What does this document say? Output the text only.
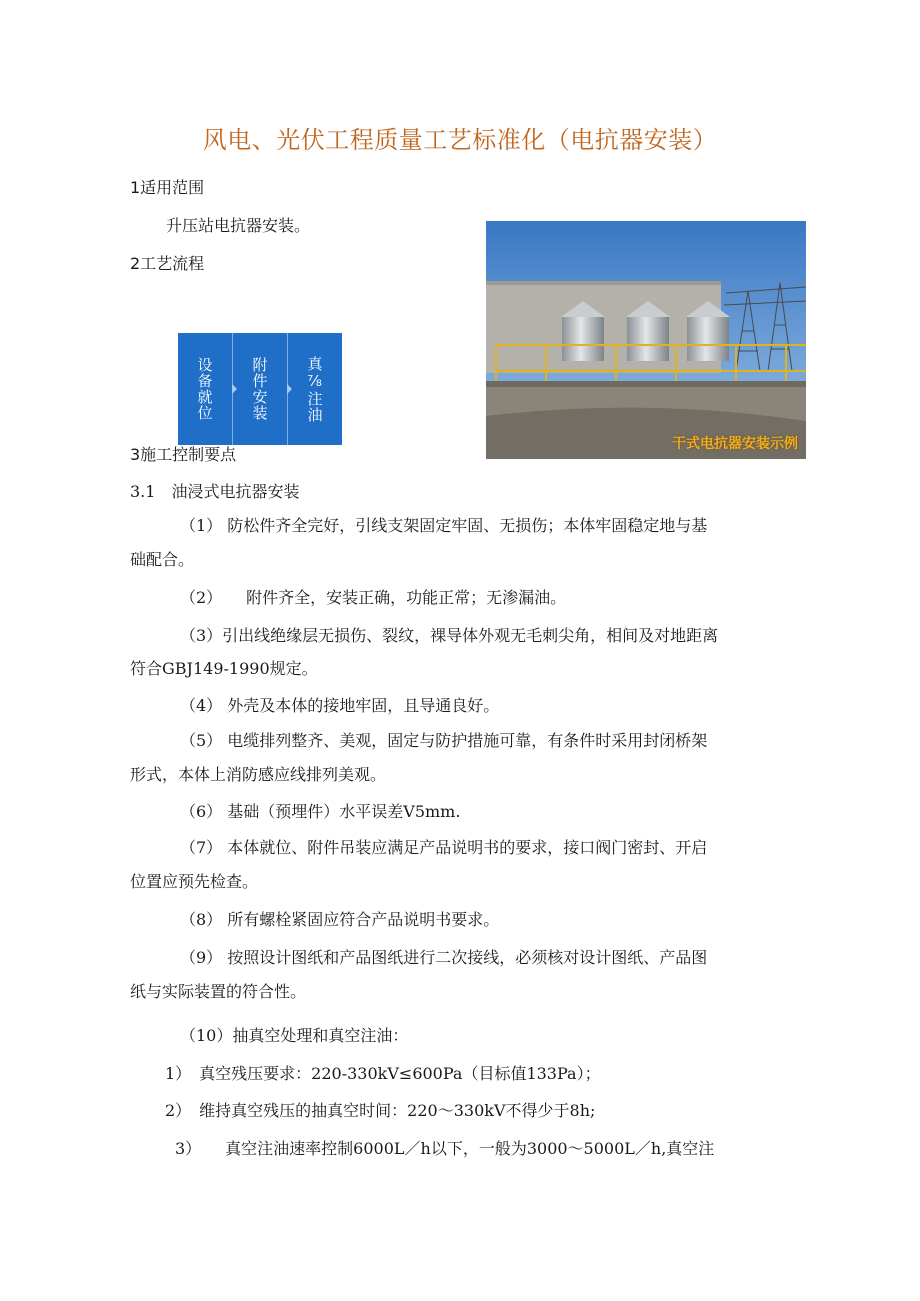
风电、光伏工程质量工艺标准化（电抗器安装）
1适用范围
升压站电抗器安装。
2工艺流程
设备就位 附件安装 真⅞注油
干式电抗器安装示例
3施工控制要点
3.1　油浸式电抗器安装
（1） 防松件齐全完好，引线支架固定牢固、无损伤；本体牢固稳定地与基
础配合。
（2）　　附件齐全，安装正确，功能正常；无渗漏油。
（3）引出线绝缘层无损伤、裂纹，裸导体外观无毛刺尖角，相间及对地距离
符合GBJ149-1990规定。
（4） 外壳及本体的接地牢固，且导通良好。
（5） 电缆排列整齐、美观，固定与防护措施可靠，有条件时采用封闭桥架
形式，本体上消防感应线排列美观。
（6） 基础（预埋件）水平误差V5mm.
（7） 本体就位、附件吊装应满足产品说明书的要求，接口阀门密封、开启
位置应预先检查。
（8） 所有螺栓紧固应符合产品说明书要求。
（9） 按照设计图纸和产品图纸进行二次接线，必须核对设计图纸、产品图
纸与实际装置的符合性。
（10）抽真空处理和真空注油：
1）　真空残压要求：220-330kV≤600Pa（目标值133Pa）；
2）　维持真空残压的抽真空时间：220～330kV不得少于8h;
3）　　真空注油速率控制6000L／h以下，一般为3000～5000L／h,真空注
